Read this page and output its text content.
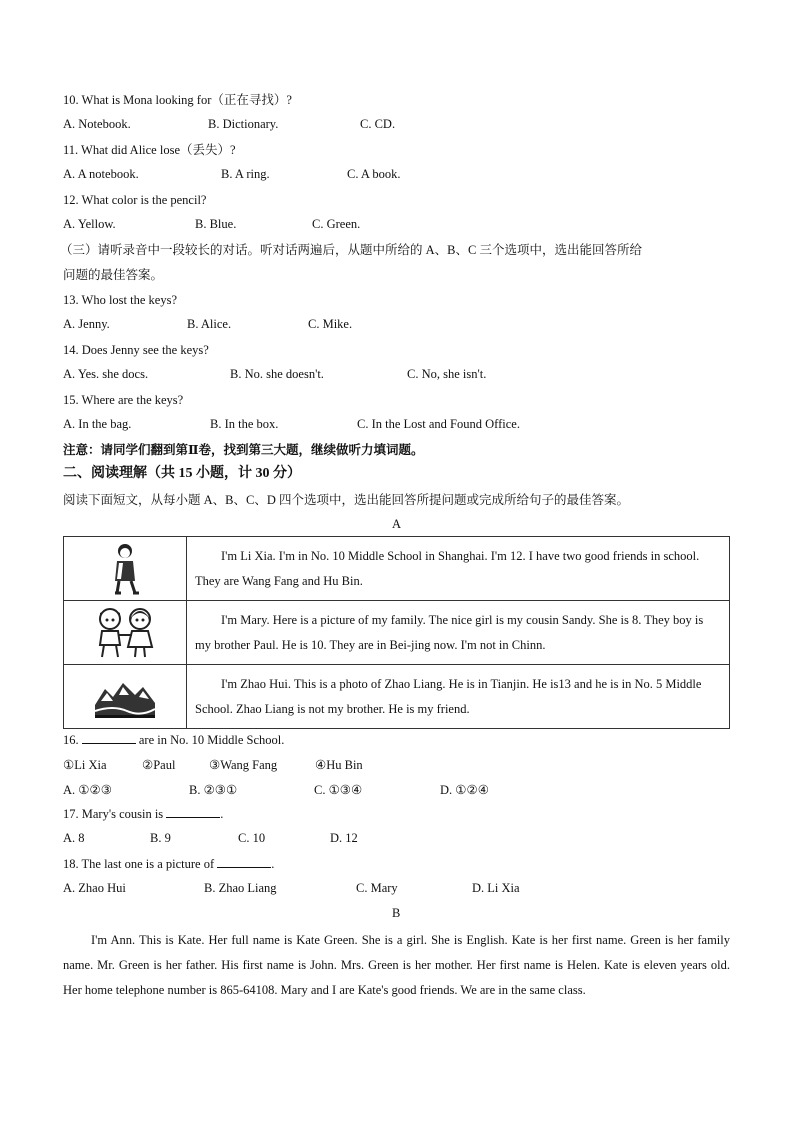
10. What is Mona looking for（正在寻找）?
A. Notebook.	B. Dictionary.	C. CD.
11. What did Alice lose（丢失）?
A. A notebook.	B. A ring.	C. A book.
12. What color is the pencil?
A. Yellow.	B. Blue.	C. Green.
（三）请听录音中一段较长的对话。听对话两遍后，从题中所给的 A、B、C 三个选项中，选出能回答所给
问题的最佳答案。
13. Who lost the keys?
A. Jenny.	B. Alice.	C. Mike.
14. Does Jenny see the keys?
A. Yes. she docs.	B. No. she doesn't.	C. No, she isn't.
15. Where are the keys?
A. In the bag.	B. In the box.	C. In the Lost and Found Office.
注意：请同学们翻到第Ⅱ卷，找到第三大题，继续做听力填词题。
二、阅读理解（共 15 小题，计 30 分）
阅读下面短文，从每小题 A、B、C、D 四个选项中，选出能回答所提问题或完成所给句子的最佳答案。
A
	I'm Li Xia. I'm in No. 10 Middle School in Shanghai. I'm 12. I have two good friends in school. They are Wang Fang and Hu Bin.

	I'm Mary. Here is a picture of my family. The nice girl is my cousin Sandy. She is 8. They boy is my brother Paul. He is 10. They are in Bei-jing now. I'm not in Chinn.

	I'm Zhao Hui. This is a photo of Zhao Liang. He is in Tianjin. He is13 and he is in No. 5 Middle School. Zhao Liang is not my brother. He is my friend.
16.	are in No. 10 Middle School.
①Li Xia	②Paul	③Wang Fang	④Hu Bin
A. ①②③	B. ②③①	C. ①③④	D. ①②④
17. Mary's cousin is	.
A. 8	B. 9	C. 10	D. 12
18. The last one is a picture of	.
A. Zhao Hui	B. Zhao Liang	C. Mary	D. Li Xia
B
I'm Ann. This is Kate. Her full name is Kate Green. She is a girl. She is English. Kate is her first name. Green is her family name. Mr. Green is her father. His first name is John. Mrs. Green is her mother. Her first name is Helen. Kate is eleven years old. Her home telephone number is 865-64108. Mary and I are Kate's good friends. We are in the same class.
